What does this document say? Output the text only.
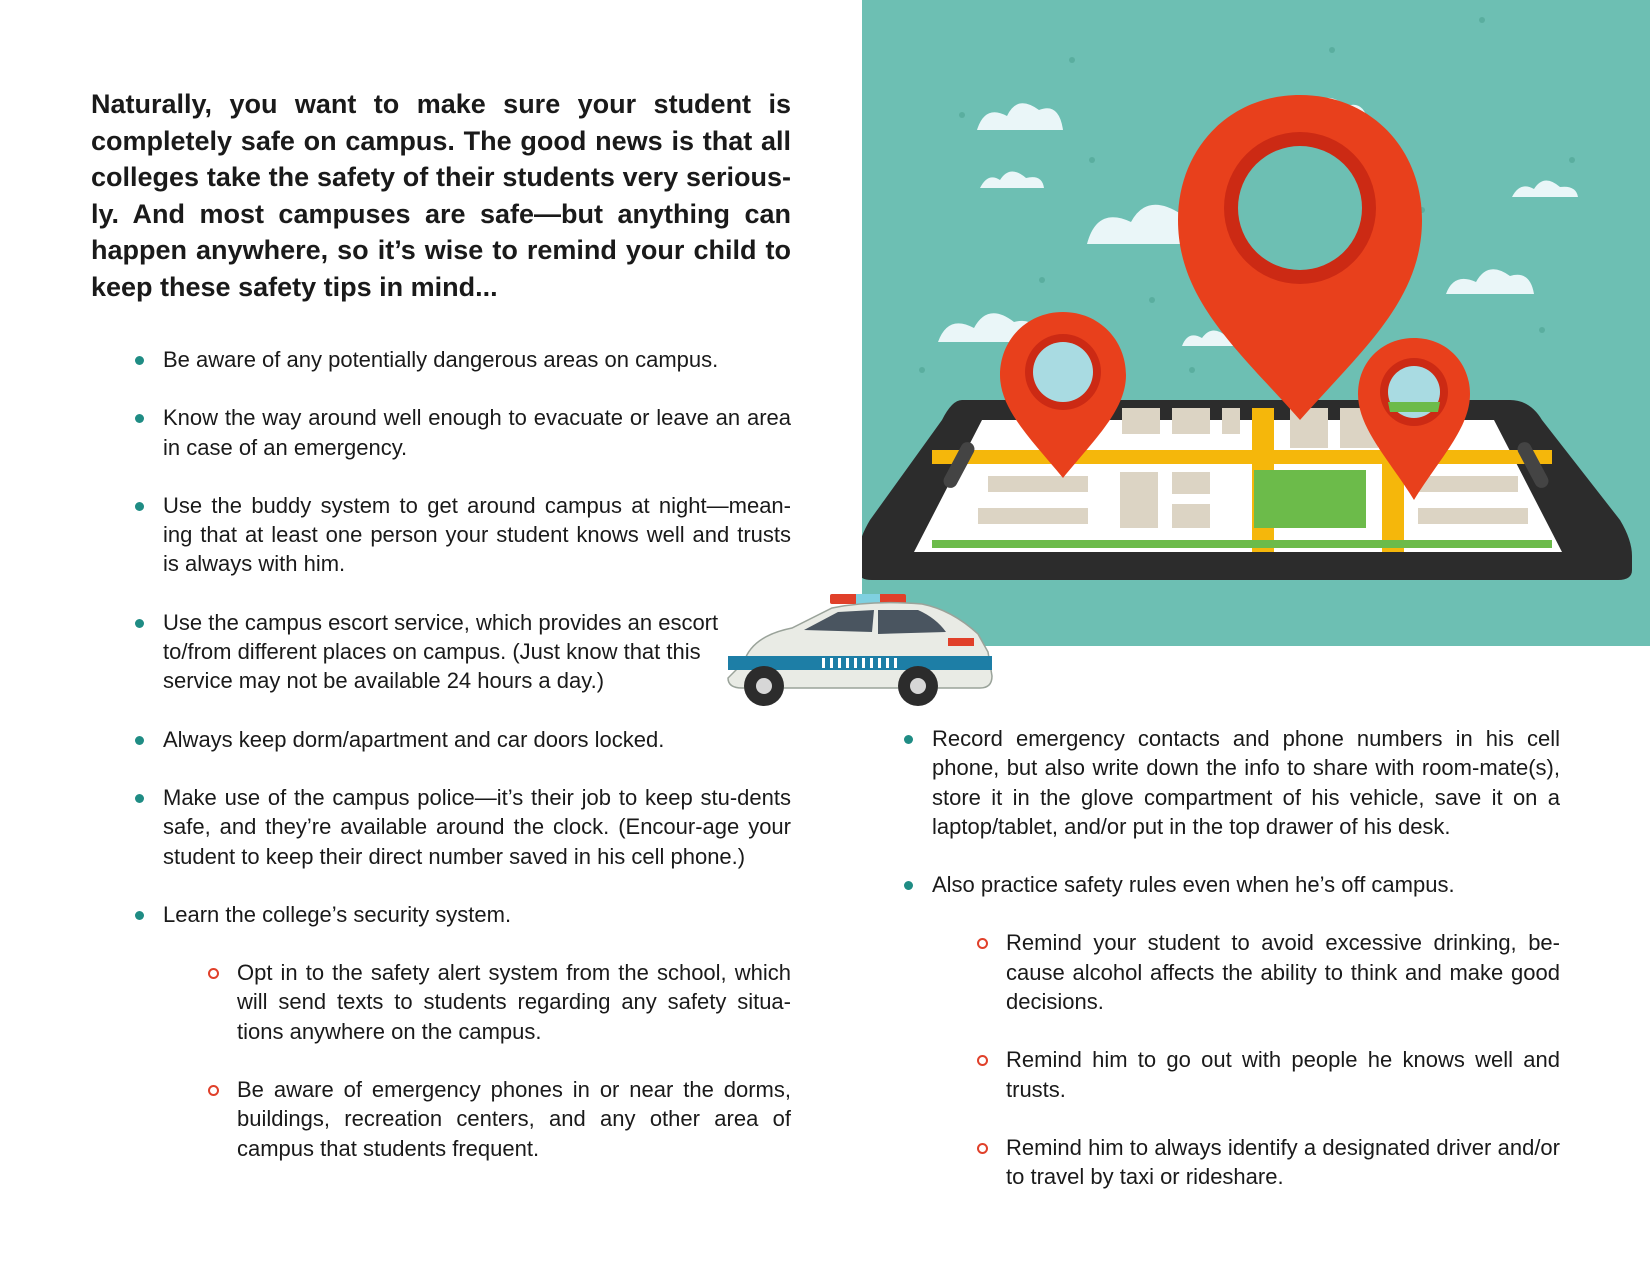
Naturally, you want to make sure your student is completely safe on campus. The good news is that all colleges take the safety of their students very serious-ly. And most campuses are safe—but anything can happen anywhere, so it’s wise to remind your child to keep these safety tips in mind...

Be aware of any potentially dangerous areas on campus.
Know the way around well enough to evacuate or leave an area in case of an emergency.
Use the buddy system to get around campus at night—mean-ing that at least one person your student knows well and trusts is always with him.
Use the campus escort service, which provides an escort to/from different places on campus. (Just know that this service may not be available 24 hours a day.)
Always keep dorm/apartment and car doors locked.
Make use of the campus police—it’s their job to keep stu-dents safe, and they’re available around the clock. (Encour-age your student to keep their direct number saved in his cell phone.)
Learn the college’s security system.
Opt in to the safety alert system from the school, which will send texts to students regarding any safety situa-tions anywhere on the campus.
Be aware of emergency phones in or near the dorms, buildings, recreation centers, and any other area of campus that students frequent.
Record emergency contacts and phone numbers in his cell phone, but also write down the info to share with room-mate(s), store it in the glove compartment of his vehicle, save it on a laptop/tablet, and/or put in the top drawer of his desk.
Also practice safety rules even when he’s off campus.
Remind your student to avoid excessive drinking, be-cause alcohol affects the ability to think and make good decisions.
Remind him to go out with people he knows well and trusts.
Remind him to always identify a designated driver and/or to travel by taxi or rideshare.
